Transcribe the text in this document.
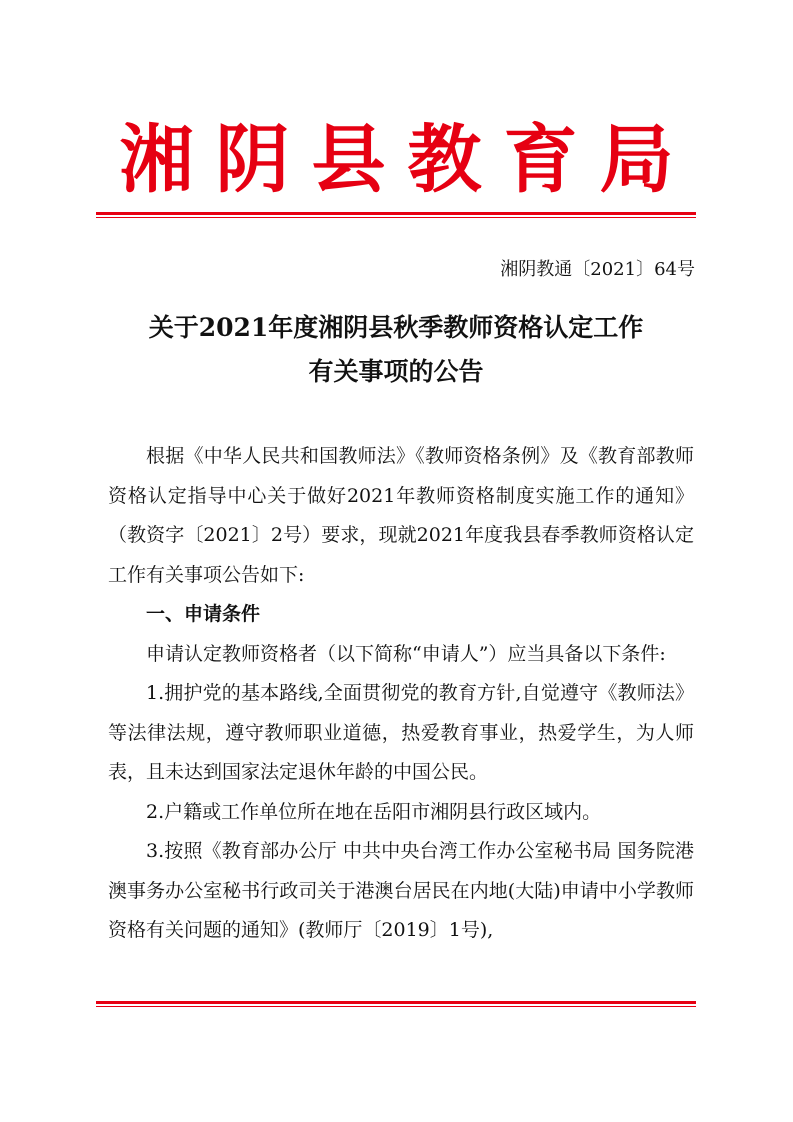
湘阴县教育局
湘阴教通〔2021〕64号
关于2021年度湘阴县秋季教师资格认定工作
有关事项的公告

根据《中华人民共和国教师法》《教师资格条例》及《教育部教师资格认定指导中心关于做好2021年教师资格制度实施工作的通知》（教资字〔2021〕2号）要求，现就2021年度我县春季教师资格认定工作有关事项公告如下:

一、申请条件

申请认定教师资格者（以下简称“申请人”）应当具备以下条件:

1.拥护党的基本路线,全面贯彻党的教育方针,自觉遵守《教师法》等法律法规，遵守教师职业道德，热爱教育事业，热爱学生，为人师表，且未达到国家法定退休年龄的中国公民。

2.户籍或工作单位所在地在岳阳市湘阴县行政区域内。

3.按照《教育部办公厅 中共中央台湾工作办公室秘书局 国务院港澳事务办公室秘书行政司关于港澳台居民在内地(大陆)申请中小学教师资格有关问题的通知》(教师厅〔2019〕1号),
